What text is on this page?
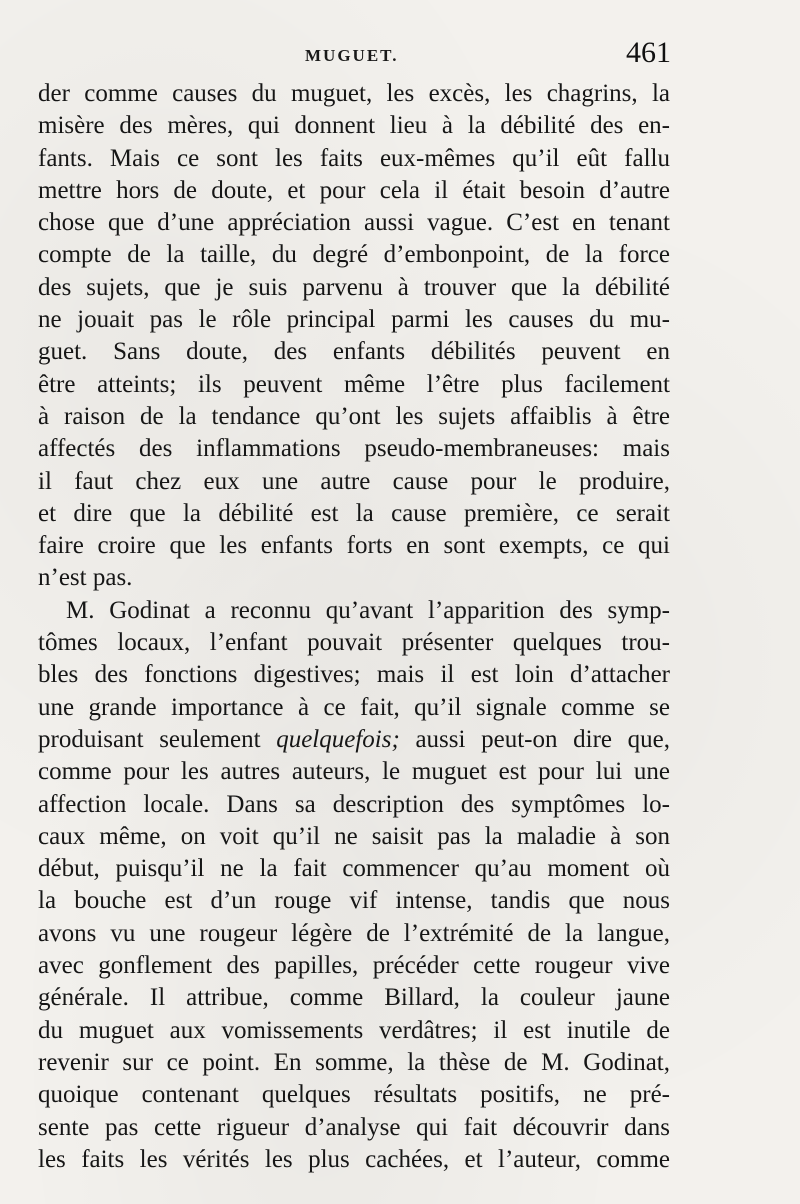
MUGUET.	461
der comme causes du muguet, les excès, les chagrins, la
misère des mères, qui donnent lieu à la débilité des en-
fants. Mais ce sont les faits eux-mêmes qu’il eût fallu
mettre hors de doute, et pour cela il était besoin d’autre
chose que d’une appréciation aussi vague. C’est en tenant
compte de la taille, du degré d’embonpoint, de la force
des sujets, que je suis parvenu à trouver que la débilité
ne jouait pas le rôle principal parmi les causes du mu-
guet. Sans doute, des enfants débilités peuvent en
être atteints; ils peuvent même l’être plus facilement
à raison de la tendance qu’ont les sujets affaiblis à être
affectés des inflammations pseudo-membraneuses: mais
il faut chez eux une autre cause pour le produire,
et dire que la débilité est la cause première, ce serait
faire croire que les enfants forts en sont exempts, ce qui
n’est pas.
M. Godinat a reconnu qu’avant l’apparition des symp-
tômes locaux, l’enfant pouvait présenter quelques trou-
bles des fonctions digestives; mais il est loin d’attacher
une grande importance à ce fait, qu’il signale comme se
produisant seulement quelquefois; aussi peut-on dire que,
comme pour les autres auteurs, le muguet est pour lui une
affection locale. Dans sa description des symptômes lo-
caux même, on voit qu’il ne saisit pas la maladie à son
début, puisqu’il ne la fait commencer qu’au moment où
la bouche est d’un rouge vif intense, tandis que nous
avons vu une rougeur légère de l’extrémité de la langue,
avec gonflement des papilles, précéder cette rougeur vive
générale. Il attribue, comme Billard, la couleur jaune
du muguet aux vomissements verdâtres; il est inutile de
revenir sur ce point. En somme, la thèse de M. Godinat,
quoique contenant quelques résultats positifs, ne pré-
sente pas cette rigueur d’analyse qui fait découvrir dans
les faits les vérités les plus cachées, et l’auteur, comme
